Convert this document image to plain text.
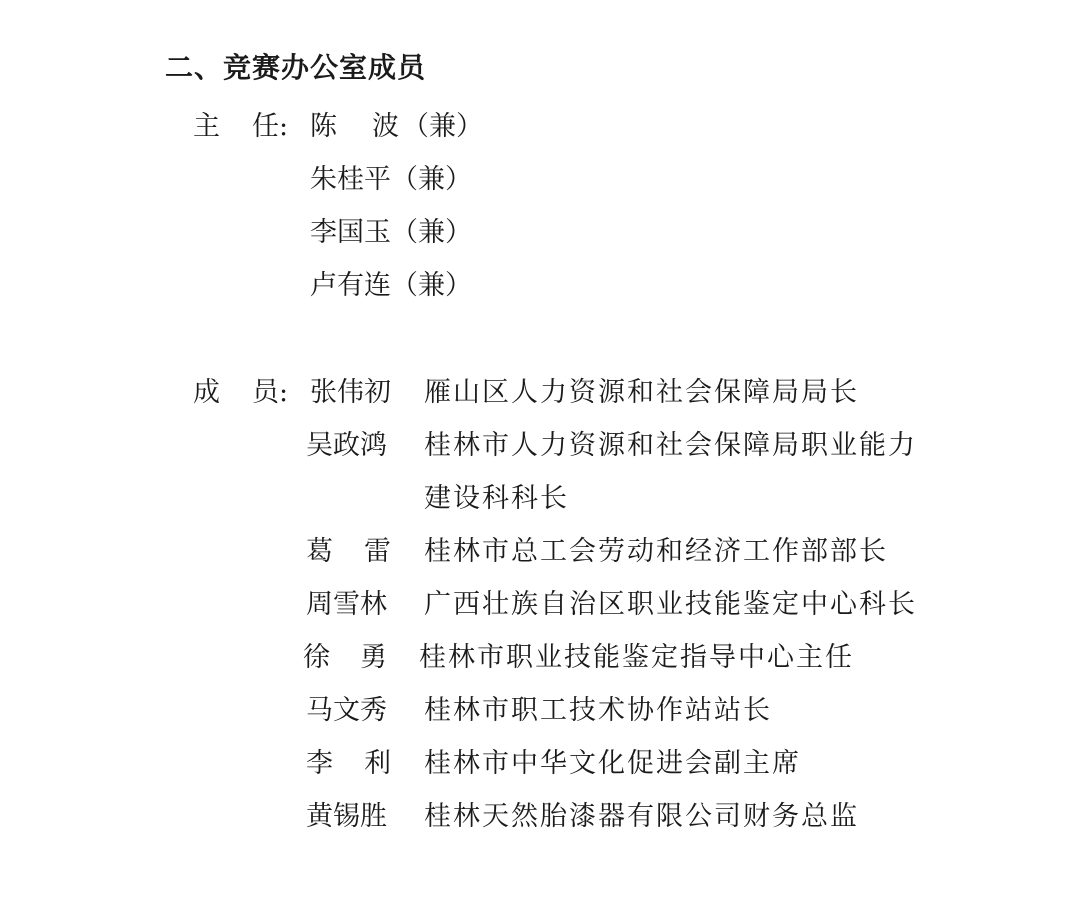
二、竞赛办公室成员
主 任: 陈 波 （兼）
朱桂平（兼）
李国玉（兼）
卢有连（兼）
成 员: 张伟初 雁山区人力资源和社会保障局局长
吴政鸿 桂林市人力资源和社会保障局职业能力
建设科科长
葛 雷 桂林市总工会劳动和经济工作部部长
周雪林 广西壮族自治区职业技能鉴定中心科长
徐 勇 桂林市职业技能鉴定指导中心主任
马文秀 桂林市职工技术协作站站长
李 利 桂林市中华文化促进会副主席
黄锡胜 桂林天然胎漆器有限公司财务总监
